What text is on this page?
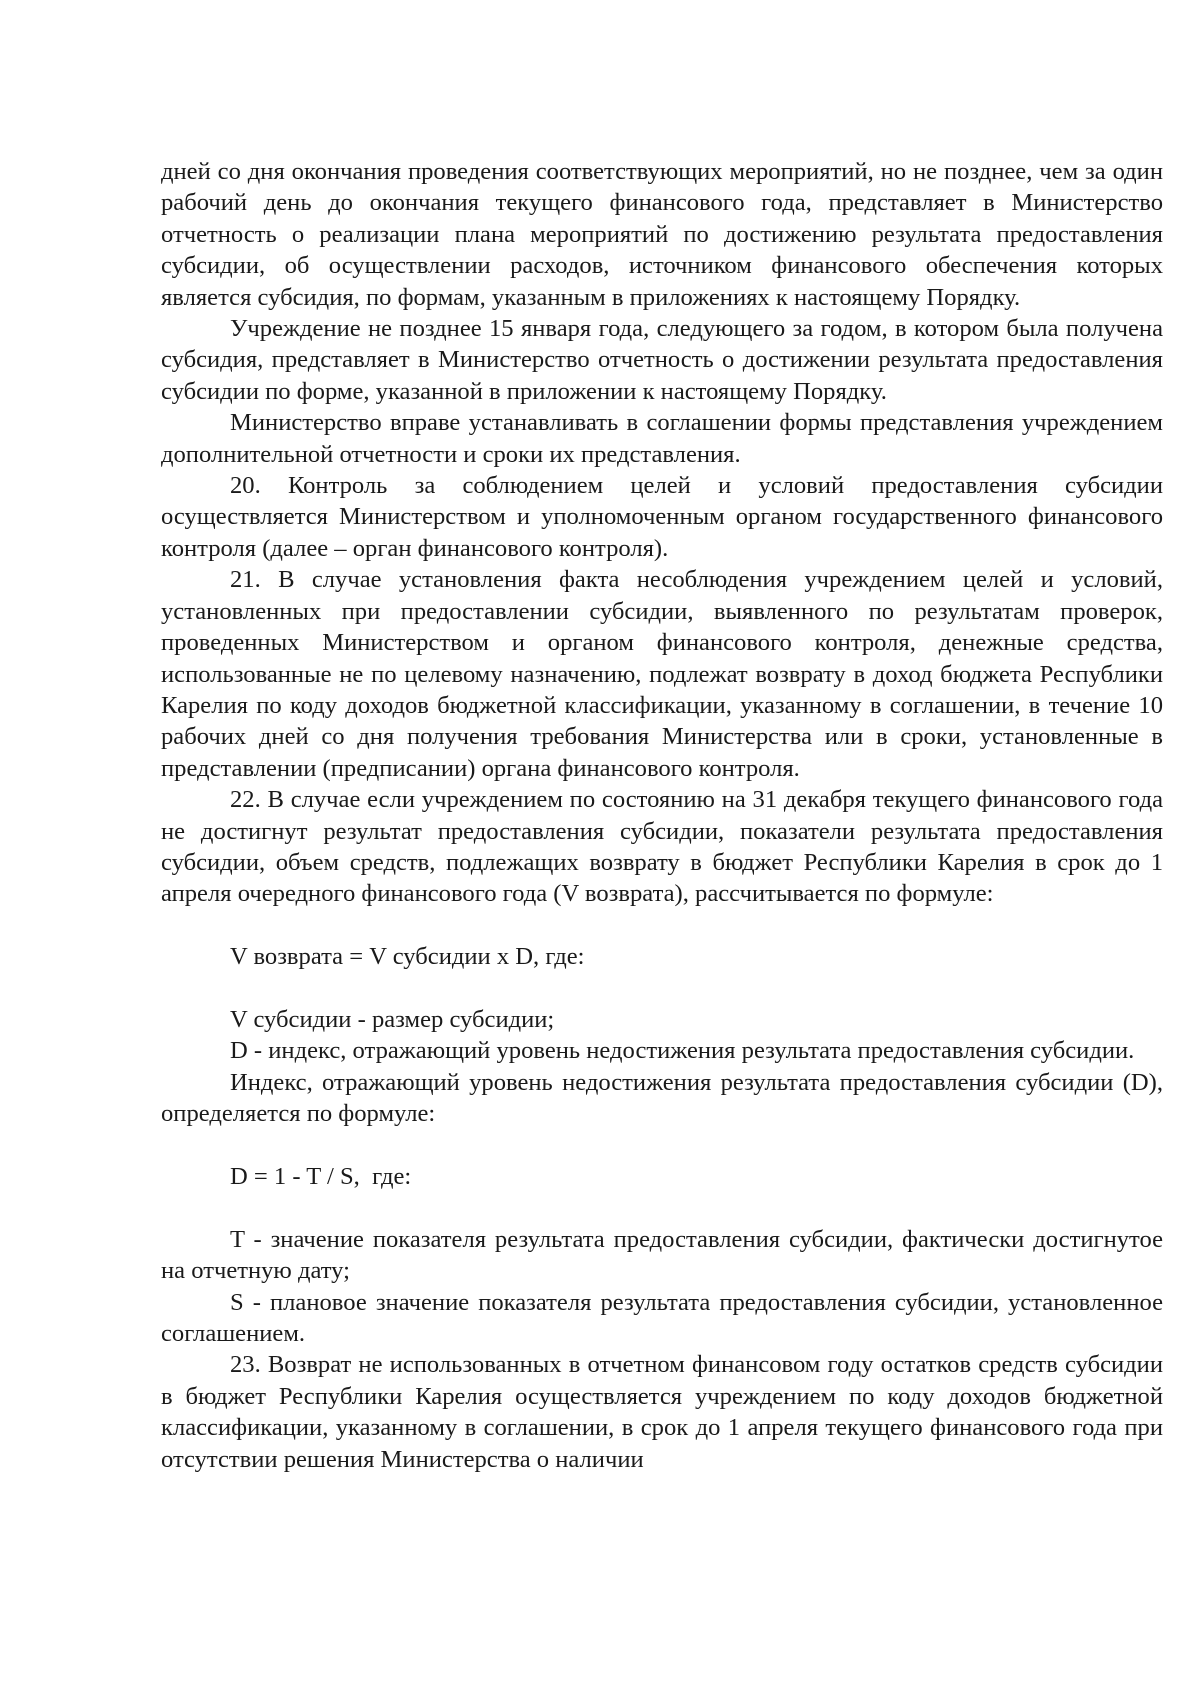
дней со дня окончания проведения соответствующих мероприятий, но не позднее, чем за один рабочий день до окончания текущего финансового года, представляет в Министерство отчетность о реализации плана мероприятий по достижению результата предоставления субсидии, об осуществлении расходов, источником финансового обеспечения которых является субсидия, по формам, указанным в приложениях к настоящему Порядку.

Учреждение не позднее 15 января года, следующего за годом, в котором была получена субсидия, представляет в Министерство отчетность о достижении результата предоставления субсидии по форме, указанной в приложении к настоящему Порядку.

Министерство вправе устанавливать в соглашении формы представления учреждением дополнительной отчетности и сроки их представления.

20. Контроль за соблюдением целей и условий предоставления субсидии осуществляется Министерством и уполномоченным органом государственного финансового контроля (далее – орган финансового контроля).

21. В случае установления факта несоблюдения учреждением целей и условий, установленных при предоставлении субсидии, выявленного по результатам проверок, проведенных Министерством и органом финансового контроля, денежные средства, использованные не по целевому назначению, подлежат возврату в доход бюджета Республики Карелия по коду доходов бюджетной классификации, указанному в соглашении, в течение 10 рабочих дней со дня получения требования Министерства или в сроки, установленные в представлении (предписании) органа финансового контроля.

22. В случае если учреждением по состоянию на 31 декабря текущего финансового года не достигнут результат предоставления субсидии, показатели результата предоставления субсидии, объем средств, подлежащих возврату в бюджет Республики Карелия в срок до 1 апреля очередного финансового года (V возврата), рассчитывается по формуле:

V возврата = V субсидии x D, где:

V субсидии - размер субсидии;

D - индекс, отражающий уровень недостижения результата предоставления субсидии.

Индекс, отражающий уровень недостижения результата предоставления субсидии (D), определяется по формуле:

D = 1 - T / S,  где:

T - значение показателя результата предоставления субсидии, фактически достигнутое на отчетную дату;

S - плановое значение показателя результата предоставления субсидии, установленное соглашением.

23. Возврат не использованных в отчетном финансовом году остатков средств субсидии в бюджет Республики Карелия осуществляется учреждением по коду доходов бюджетной классификации, указанному в соглашении, в срок до 1 апреля текущего финансового года при отсутствии решения Министерства о наличии
